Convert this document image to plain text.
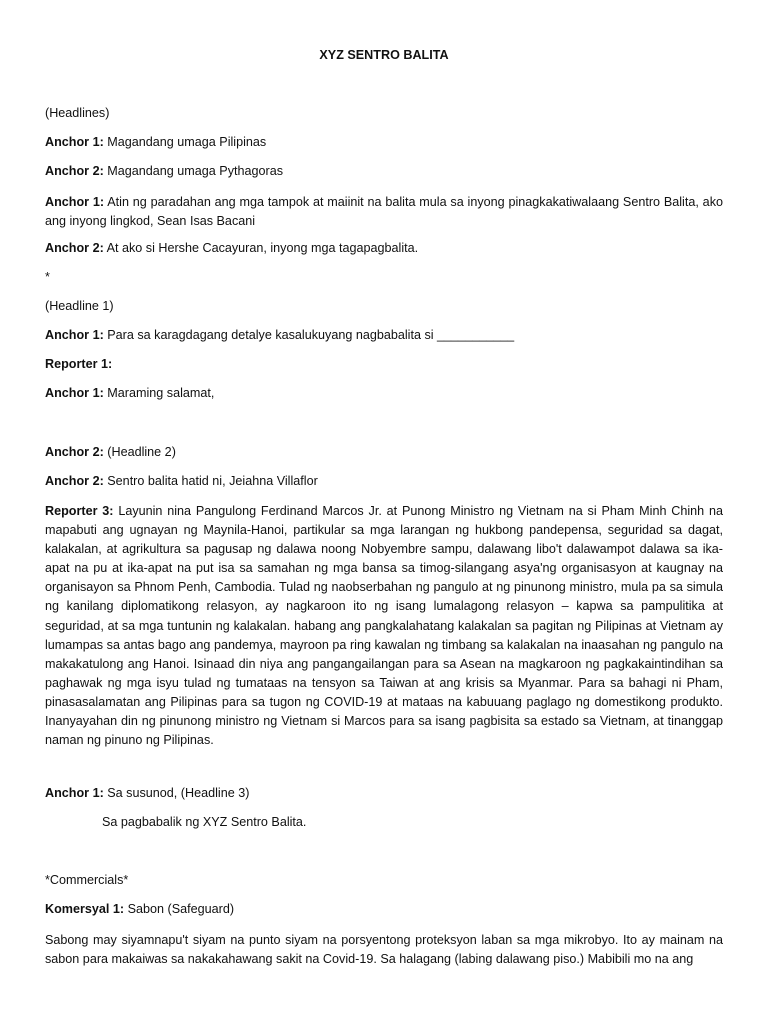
XYZ SENTRO BALITA

(Headlines)

Anchor 1: Magandang umaga Pilipinas

Anchor 2: Magandang umaga Pythagoras

Anchor 1: Atin ng paradahan ang mga tampok at maiinit na balita mula sa inyong pinagkakatiwalaang Sentro Balita, ako ang inyong lingkod, Sean Isas Bacani

Anchor 2: At ako si Hershe Cacayuran, inyong mga tagapagbalita.

*

(Headline 1)

Anchor 1: Para sa karagdagang detalye kasalukuyang nagbabalita si ___________

Reporter 1:

Anchor 1: Maraming salamat,

Anchor 2: (Headline 2)

Anchor 2: Sentro balita hatid ni, Jeiahna Villaflor

Reporter 3: Layunin nina Pangulong Ferdinand Marcos Jr. at Punong Ministro ng Vietnam na si Pham Minh Chinh na mapabuti ang ugnayan ng Maynila-Hanoi, partikular sa mga larangan ng hukbong pandepensa, seguridad sa dagat, kalakalan, at agrikultura sa pagusap ng dalawa noong Nobyembre sampu, dalawang libo't dalawampot dalawa sa ika-apat na pu at ika-apat na put isa sa samahan ng mga bansa sa timog-silangang asya'ng organisasyon at kaugnay na organisayon sa Phnom Penh, Cambodia. Tulad ng naobserbahan ng pangulo at ng pinunong ministro, mula pa sa simula ng kanilang diplomatikong relasyon, ay nagkaroon ito ng isang lumalagong relasyon – kapwa sa pampulitika at seguridad, at sa mga tuntunin ng kalakalan. habang ang pangkalahatang kalakalan sa pagitan ng Pilipinas at Vietnam ay lumampas sa antas bago ang pandemya, mayroon pa ring kawalan ng timbang sa kalakalan na inaasahan ng pangulo na makakatulong ang Hanoi. Isinaad din niya ang pangangailangan para sa Asean na magkaroon ng pagkakaintindihan sa paghawak ng mga isyu tulad ng tumataas na tensyon sa Taiwan at ang krisis sa Myanmar. Para sa bahagi ni Pham, pinasasalamatan ang Pilipinas para sa tugon ng COVID-19 at mataas na kabuuang paglago ng domestikong produkto. Inanyayahan din ng pinunong ministro ng Vietnam si Marcos para sa isang pagbisita sa estado sa Vietnam, at tinanggap naman ng pinuno ng Pilipinas.

Anchor 1: Sa susunod, (Headline 3)

Sa pagbabalik ng XYZ Sentro Balita.

*Commercials*

Komersyal 1: Sabon (Safeguard)

Sabong may siyamnapu't siyam na punto siyam na porsyentong proteksyon laban sa mga mikrobyo. Ito ay mainam na sabon para makaiwas sa nakakahawang sakit na Covid-19. Sa halagang (labing dalawang piso.) Mabibili mo na ang
